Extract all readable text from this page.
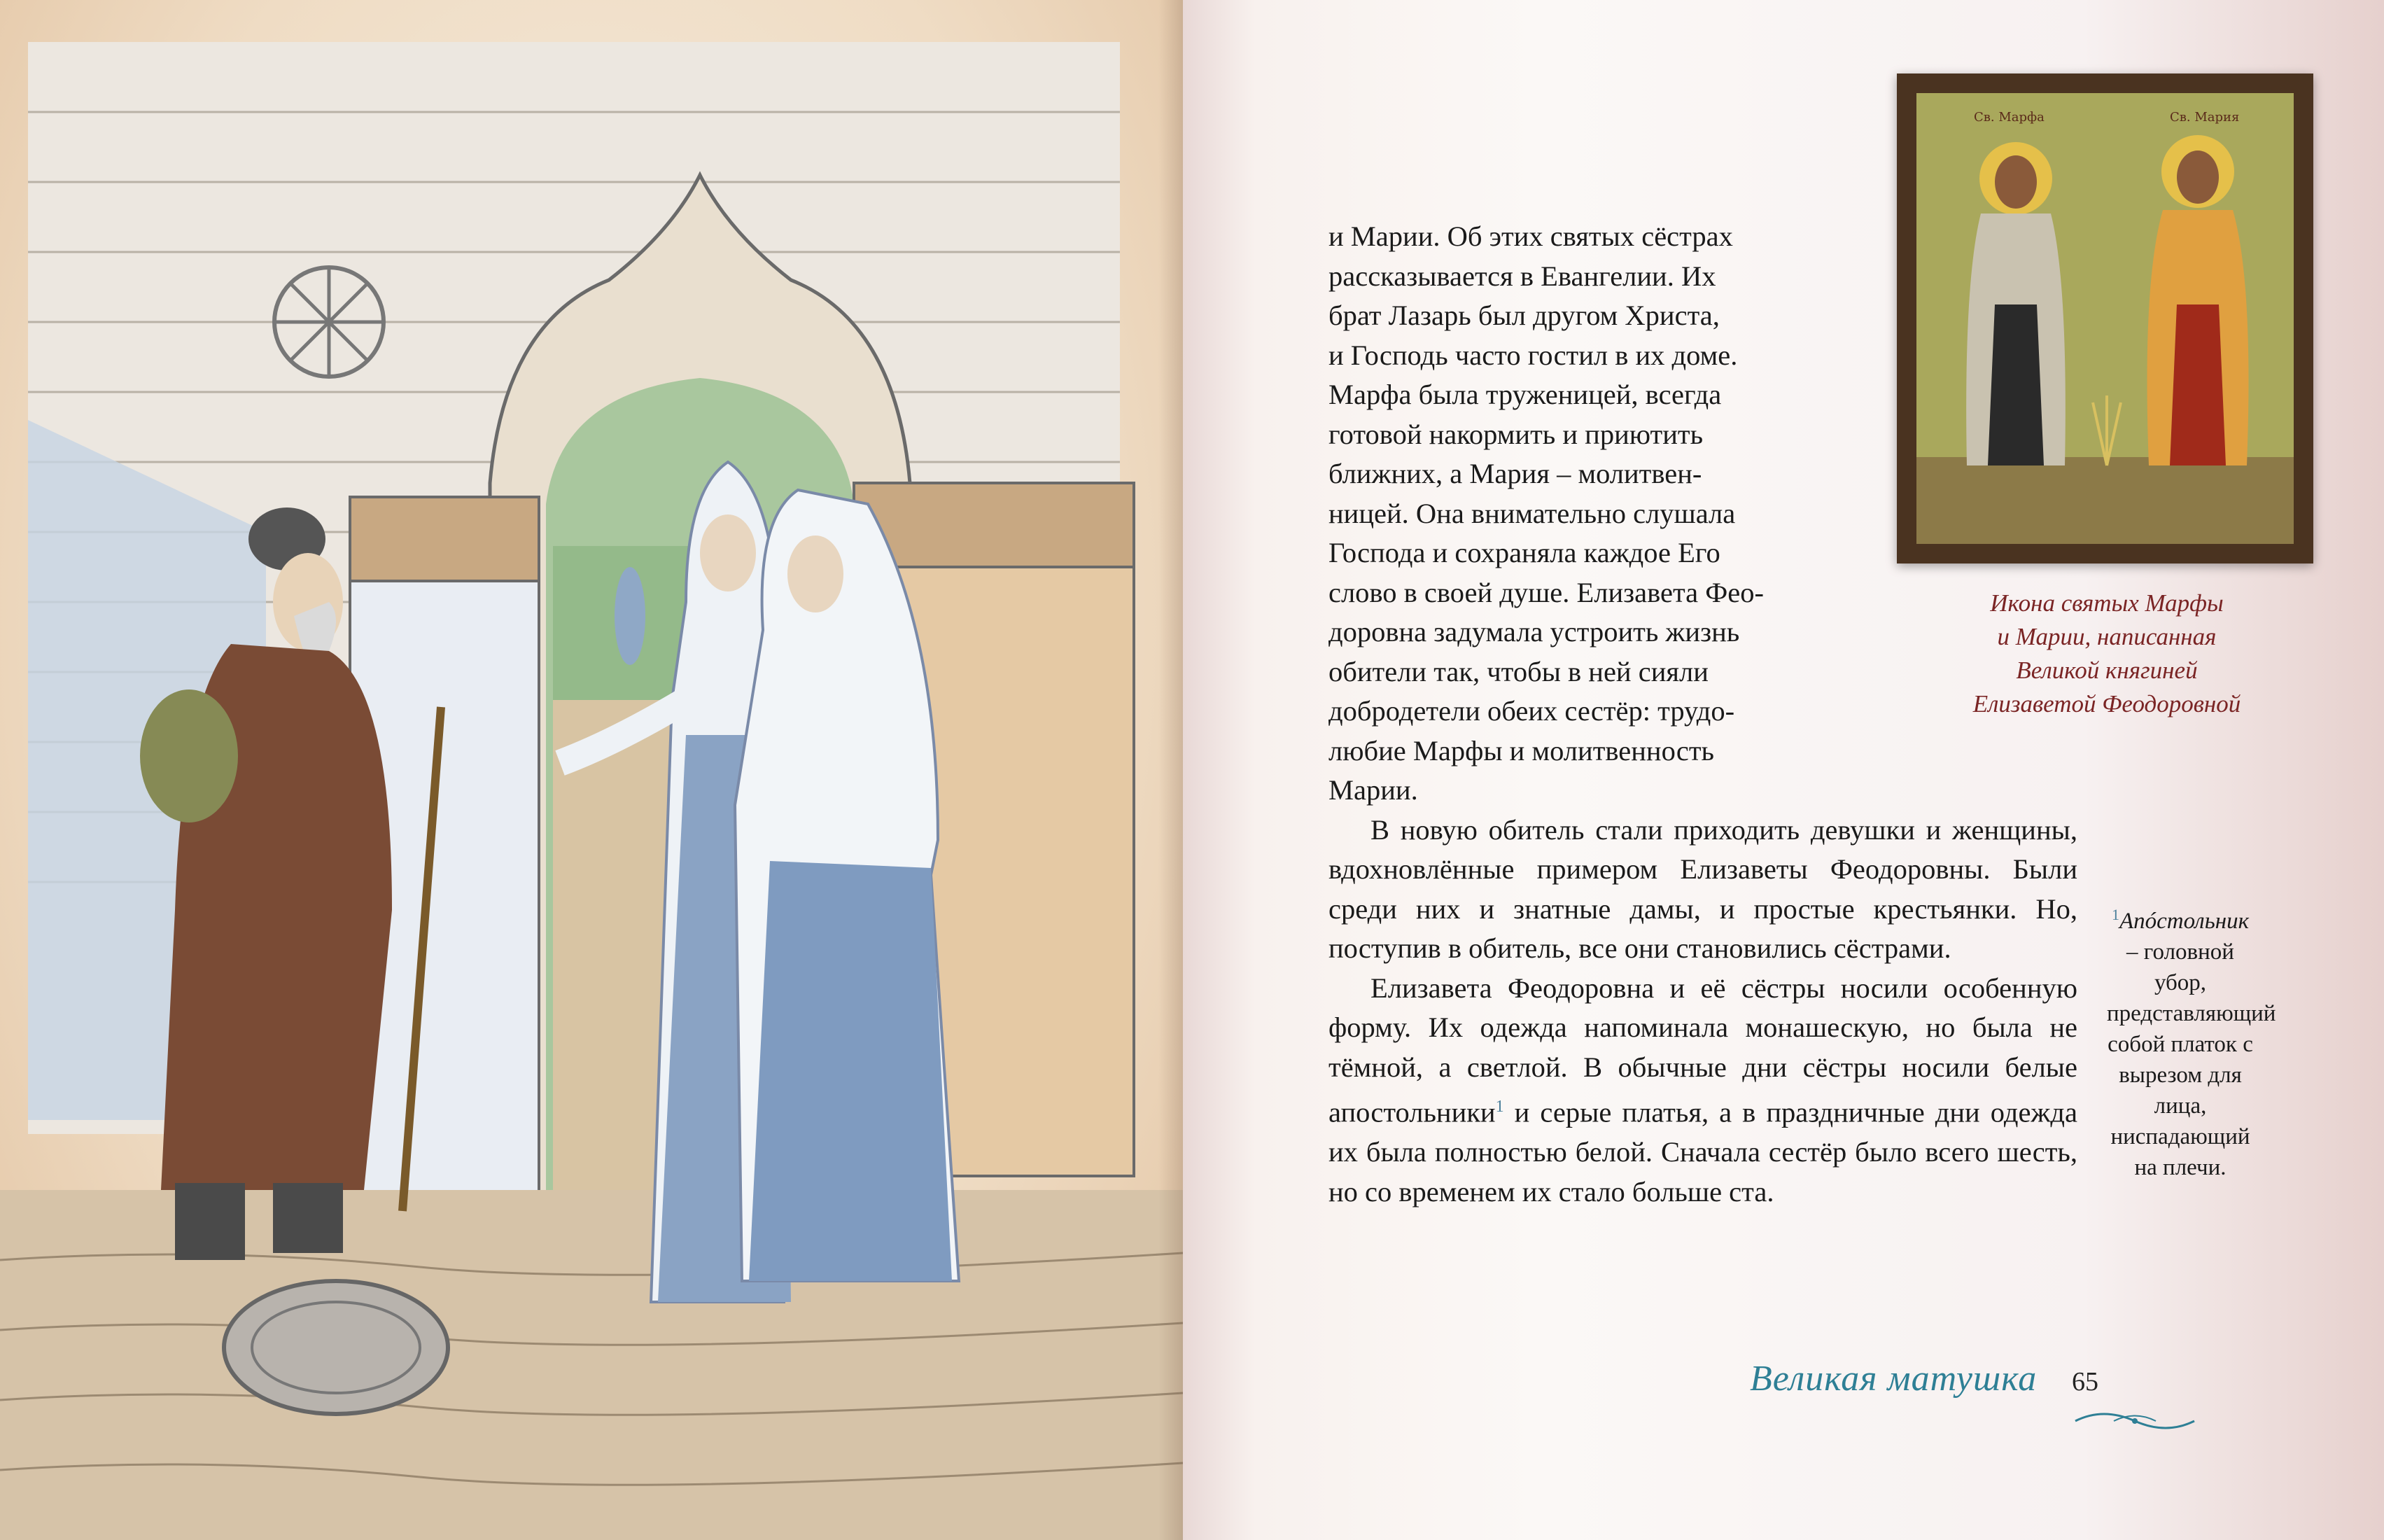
Св. Марфа	Св. Мария
Икона святых Марфы
и Марии, написанная
Великой княгиней
Елизаветой Феодоровной
и Марии. Об этих святых сёстрах
рассказывается в Евангелии. Их
брат Лазарь был другом Христа,
и Господь часто гостил в их доме.
Марфа была труженицей, всегда
готовой накормить и приютить
ближних, а Мария – молитвен-
ницей. Она внимательно слушала
Господа и сохраняла каждое Его
слово в своей душе. Елизавета Фео-
доровна задумала устроить жизнь
обители так, чтобы в ней сияли
добродетели обеих сестёр: трудо-
любие Марфы и молитвенность
Марии.

В новую обитель стали приходить девушки и женщины, вдохновлённые примером Елизаветы Феодоровны. Были среди них и знатные дамы, и простые крестьянки. Но, поступив в обитель, все они становились сёстрами.

Елизавета Феодоровна и её сёстры носили особенную форму. Их одежда напоминала монашескую, но была не тёмной, а светлой. В обычные дни сёстры носили белые апостольники$^1$ и серые платья, а в праздничные дни одежда их была полностью белой. Сначала сестёр было всего шесть, но со временем их стало больше ста.

$^1$Апóстольник – головной убор, представляющий собой платок с вырезом для лица, ниспадающий на плечи.
Великая матушка 65
